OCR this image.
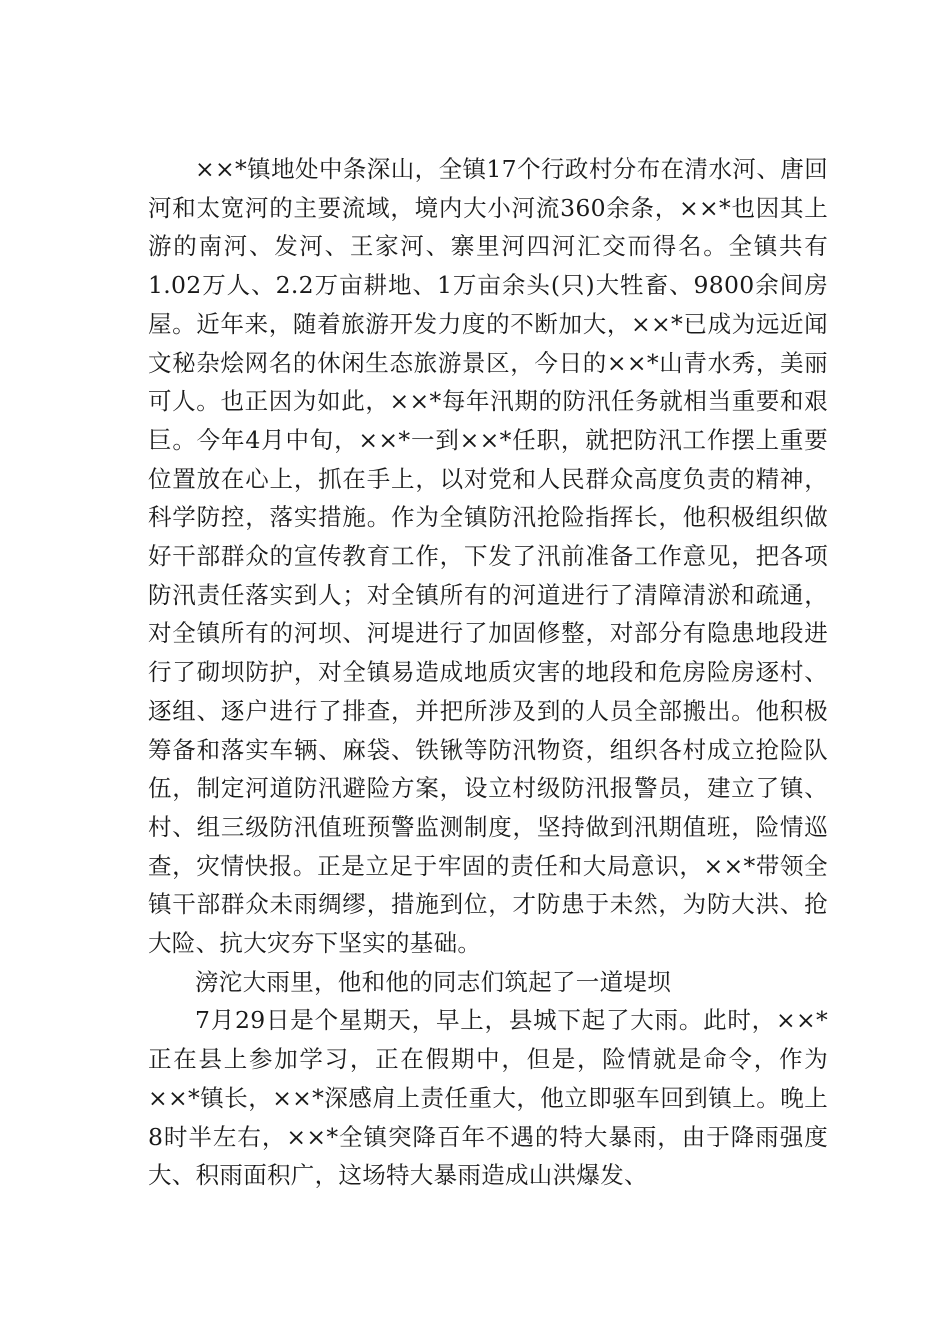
××*镇地处中条深山，全镇17个行政村分布在清水河、唐回河和太宽河的主要流域，境内大小河流360余条，××*也因其上游的南河、发河、王家河、寨里河四河汇交而得名。全镇共有1.02万人、2.2万亩耕地、1万亩余头(只)大牲畜、9800余间房屋。近年来，随着旅游开发力度的不断加大，××*已成为远近闻文秘杂烩网名的休闲生态旅游景区，今日的××*山青水秀，美丽可人。也正因为如此，××*每年汛期的防汛任务就相当重要和艰巨。今年4月中旬，××*一到××*任职，就把防汛工作摆上重要位置放在心上，抓在手上，以对党和人民群众高度负责的精神，科学防控，落实措施。作为全镇防汛抢险指挥长，他积极组织做好干部群众的宣传教育工作，下发了汛前准备工作意见，把各项防汛责任落实到人；对全镇所有的河道进行了清障清淤和疏通，对全镇所有的河坝、河堤进行了加固修整，对部分有隐患地段进行了砌坝防护，对全镇易造成地质灾害的地段和危房险房逐村、逐组、逐户进行了排查，并把所涉及到的人员全部搬出。他积极筹备和落实车辆、麻袋、铁锹等防汛物资，组织各村成立抢险队伍，制定河道防汛避险方案，设立村级防汛报警员，建立了镇、村、组三级防汛值班预警监测制度，坚持做到汛期值班，险情巡查，灾情快报。正是立足于牢固的责任和大局意识，××*带领全镇干部群众未雨绸缪，措施到位，才防患于未然，为防大洪、抢大险、抗大灾夯下坚实的基础。

滂沱大雨里，他和他的同志们筑起了一道堤坝

7月29日是个星期天，早上，县城下起了大雨。此时，××*正在县上参加学习，正在假期中，但是，险情就是命令，作为××*镇长，××*深感肩上责任重大，他立即驱车回到镇上。晚上8时半左右，××*全镇突降百年不遇的特大暴雨，由于降雨强度大、积雨面积广，这场特大暴雨造成山洪爆发、
